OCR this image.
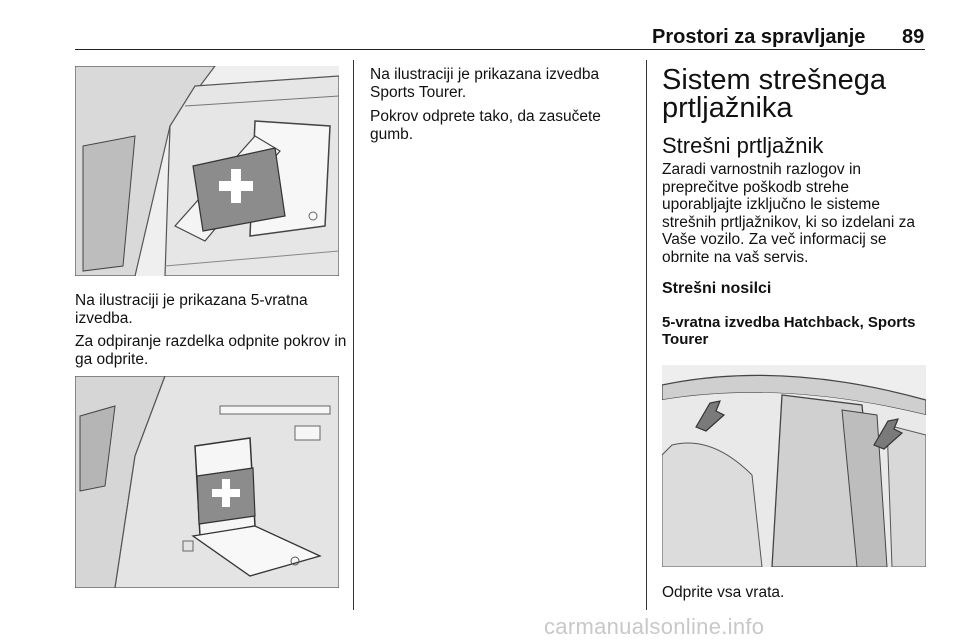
Prostori za spravljanje 89

Na ilustraciji je prikazana 5-vratna izvedba.

Za odpiranje razdelka odpnite pokrov in ga odprite.

Na ilustraciji je prikazana izvedba Sports Tourer.

Pokrov odprete tako, da zasučete gumb.

Sistem strešnega prtljažnika
Strešni prtljažnik

Zaradi varnostnih razlogov in preprečitve poškodb strehe uporabljajte izključno le sisteme strešnih prtljažnikov, ki so izdelani za Vaše vozilo. Za več informacij se obrnite na vaš servis.

Strešni nosilci
5-vratna izvedba Hatchback, Sports Tourer

Odprite vsa vrata.

carmanualsonline.info
